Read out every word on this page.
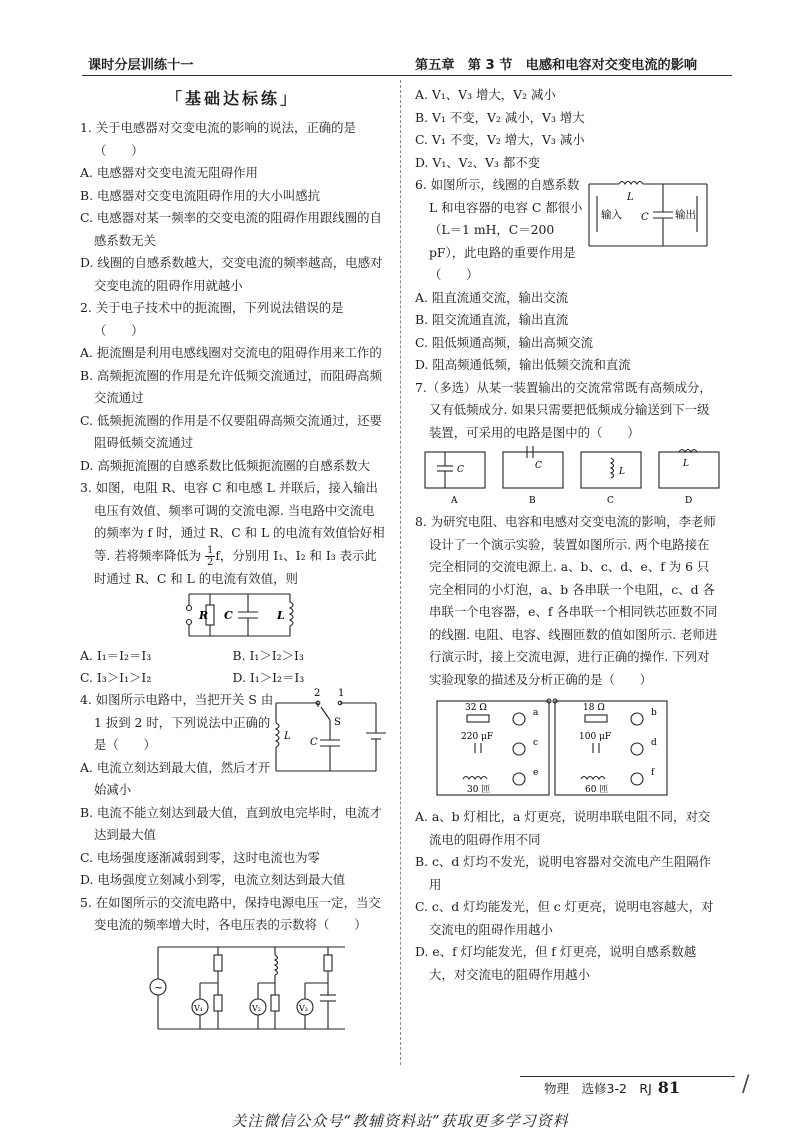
课时分层训练十一	第五章　第 3 节　电感和电容对交变电流的影响
「基础达标练」

1. 关于电感器对交变电流的影响的说法，正确的是（　　）

A. 电感器对交变电流无阻碍作用

B. 电感器对交变电流阻碍作用的大小叫感抗

C. 电感器对某一频率的交变电流的阻碍作用跟线圈的自感系数无关

D. 线圈的自感系数越大，交变电流的频率越高，电感对交变电流的阻碍作用就越小

2. 关于电子技术中的扼流圈，下列说法错误的是（　　）

A. 扼流圈是利用电感线圈对交流电的阻碍作用来工作的

B. 高频扼流圈的作用是允许低频交流通过，而阻碍高频交流通过

C. 低频扼流圈的作用是不仅要阻碍高频交流通过，还要阻碍低频交流通过

D. 高频扼流圈的自感系数比低频扼流圈的自感系数大

3. 如图，电阻 R、电容 C 和电感 L 并联后，接入输出电压有效值、频率可调的交流电源. 当电路中交流电的频率为 f 时，通过 R、C 和 L 的电流有效值恰好相等. 若将频率降低为 $\frac{1}{2}$ f，分别用 I₁、I₂ 和 I₃ 表示此时通过 R、C 和 L 的电流有效值，则

R C	L
A. I₁＝I₂＝I₃	B. I₁＞I₂＞I₃
C. I₃＞I₁＞I₂	D. I₁＞I₂＝I₃

4. 如图所示电路中，当把开关 S 由 1 扳到 2 时，下列说法中正确的是（　　）

2 1
S
L
C

A. 电流立刻达到最大值，然后才开始减小

B. 电流不能立刻达到最大值，直到放电完毕时，电流才达到最大值

C. 电场强度逐渐减弱到零，这时电流也为零

D. 电场强度立刻减小到零，电流立刻达到最大值

5. 在如图所示的交流电路中，保持电源电压一定，当交变电流的频率增大时，各电压表的示数将（　　）

~
V₁	V₂	V₃

A. V₁、V₃ 增大，V₂ 减小

B. V₁ 不变，V₂ 减小，V₃ 增大

C. V₁ 不变，V₂ 增大，V₃ 减小

D. V₁、V₂、V₃ 都不变

6. 如图所示，线圈的自感系数 L 和电容器的电容 C 都很小（L＝1 mH，C＝200 pF），此电路的重要作用是（　　）

L
C
输入	输出

A. 阻直流通交流，输出交流

B. 阻交流通直流，输出直流

C. 阻低频通高频，输出高频交流

D. 阻高频通低频，输出低频交流和直流

7.（多选）从某一装置输出的交流常常既有高频成分，又有低频成分. 如果只需要把低频成分输送到下一级装置，可采用的电路是图中的（　　）

C	C
L
L
A	B	C	D

8. 为研究电阻、电容和电感对交变电流的影响，李老师设计了一个演示实验，装置如图所示. 两个电路接在完全相同的交流电源上. a、b、c、d、e、f 为 6 只完全相同的小灯泡，a、b 各串联一个电阻，c、d 各串联一个电容器，e、f 各串联一个相同铁芯匝数不同的线圈. 电阻、电容、线圈匝数的值如图所示. 老师进行演示时，接上交流电源，进行正确的操作. 下列对实验现象的描述及分析正确的是（　　）

32 Ω
220 μF
30 匝
18 Ω
100 μF
60 匝
a
c
e
b
d
f

A. a、b 灯相比，a 灯更亮，说明串联电阻不同，对交流电的阻碍作用不同

B. c、d 灯均不发光，说明电容器对交流电产生阻隔作用

C. c、d 灯均能发光，但 c 灯更亮，说明电容越大，对交流电的阻碍作用越小

D. e、f 灯均能发光，但 f 灯更亮，说明自感系数越大，对交流电的阻碍作用越小

物理　选修3-2　RJ 81	/
关注微信公众号“教辅资料站”获取更多学习资料
